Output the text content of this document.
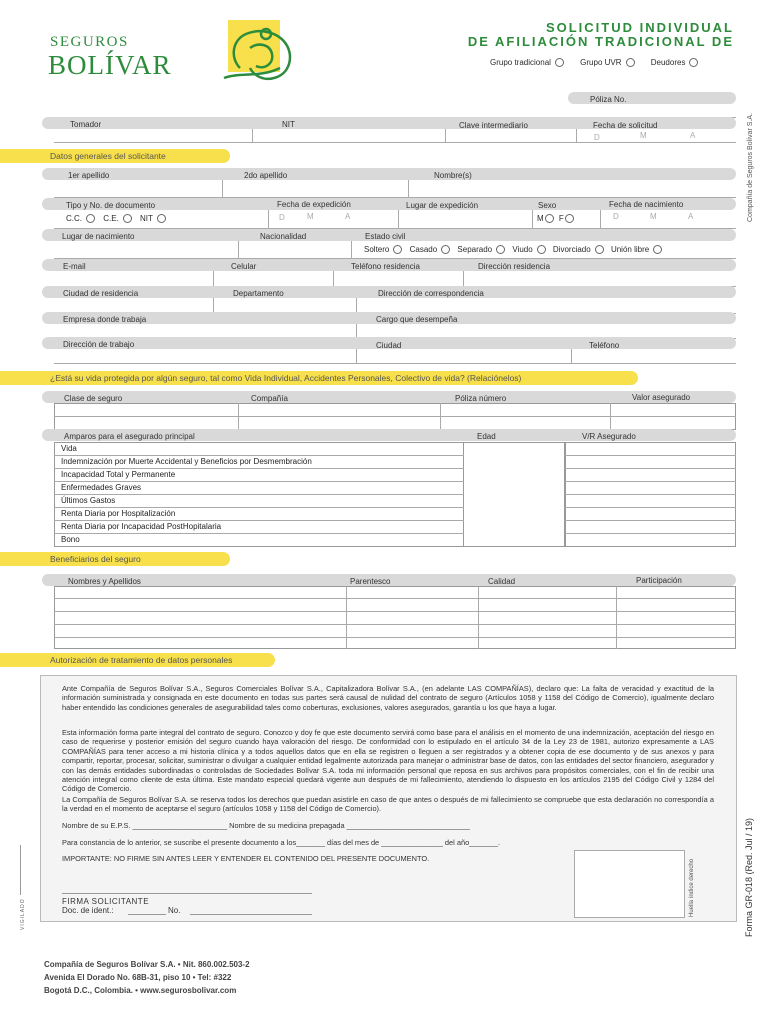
SEGUROS
BOLÍVAR
SOLICITUD INDIVIDUAL
DE AFILIACIÓN TRADICIONAL DE
Grupo tradicional	Grupo UVR	Deudores
Póliza No.
Compañía de Seguros Bolívar S.A.
Tomador	NIT	Clave intermediario	Fecha de solicitud
D	M	A
Datos generales del solicitante
1er apellido	2do apellido	Nombre(s)
Tipo y No. de documento	Fecha de expedición	Lugar de expedición	Sexo	Fecha de nacimiento
C.C.	C.E.	NIT	D	M	A	M F	D	M	A
Lugar de nacimiento	Nacionalidad	Estado civil
Soltero	Casado	Separado	Viudo	Divorciado	Unión libre
E-mail	Celular	Teléfono residencia	Dirección residencia
Ciudad de residencia	Departamento	Dirección de correspondencia
Empresa donde trabaja	Cargo que desempeña
Dirección de trabajo	Ciudad	Teléfono
¿Está su vida protegida por algún seguro, tal como Vida Individual, Accidentes Personales, Colectivo de vida? (Relaciónelos)
Clase de seguro	Compañía	Póliza número	Valor asegurado
Amparos para el asegurado principal	Edad	V/R Asegurado
Vida
Indemnización por Muerte Accidental y Beneficios por Desmembración
Incapacidad Total y Permanente
Enfermedades Graves
Últimos Gastos
Renta Diaria por Hospitalización
Renta Diaria por Incapacidad PostHopitalaria
Bono
Beneficiarios del seguro
Nombres y Apellidos	Parentesco	Calidad	Participación
Autorización de tratamiento de datos personales
Ante Compañía de Seguros Bolívar S.A., Seguros Comerciales Bolívar S.A., Capitalizadora Bolívar S.A., (en adelante LAS COMPAÑÍAS), declaro que: La falta de veracidad y exactitud de la información suministrada y consignada en este documento en todas sus partes será causal de nulidad del contrato de seguro (Artículos 1058 y 1158 del Código de Comercio), igualmente declaro haber entendido las condiciones generales de asegurabilidad tales como coberturas, exclusiones, valores asegurados, garantía u los que haya a lugar.
Esta información forma parte integral del contrato de seguro. Conozco y doy fe que este documento servirá como base para el análisis en el momento de una indemnización, aceptación del riesgo en caso de requerirse y posterior emisión del seguro cuando haya valoración del riesgo. De conformidad con lo estipulado en el artículo 34 de la Ley 23 de 1981, autorizo expresamente a LAS COMPAÑÍAS para tener acceso a mi historia clínica y a todos aquellos datos que en ella se registren o lleguen a ser registrados y a obtener copia de ese documento y de sus anexos y para compartir, reportar, procesar, solicitar, suministrar o divulgar a cualquier entidad legalmente autorizada para manejar o administrar base de datos, con las entidades del sector financiero, asegurador y con las demás entidades subordinadas o controladas de Sociedades Bolívar S.A. toda mi información personal que reposa en sus archivos para propósitos comerciales, con el fin de recibir una atención integral como cliente de esta última. Este mandato especial quedará vigente aun después de mi fallecimiento, atendiendo lo dispuesto en los artículos 2195 del Código Civil y 1284 del Código de Comercio.
La Compañía de Seguros Bolívar S.A. se reserva todos los derechos que puedan asistirle en caso de que antes o después de mi fallecimiento se compruebe que esta declaración no correspondía a la verdad en el momento de aceptarse el seguro (artículos 1058 y 1158 del Código de Comercio).
Nombre de su E.P.S. _______________________ Nombre de su medicina prepagada ______________________________
Para constancia de lo anterior, se suscribe el presente documento a los_______ días del mes de _______________ del año_______.
IMPORTANTE: NO FIRME SIN ANTES LEER Y ENTENDER EL CONTENIDO DEL PRESENTE DOCUMENTO.
FIRMA SOLICITANTE
Doc. de ident.:	No.	Huella índice derecho	Forma GR-018 (Red. Jul / 19)
VIGILADO
Compañía de Seguros Bolívar S.A. • Nit. 860.002.503-2
Avenida El Dorado No. 68B-31, piso 10 • Tel: #322
Bogotá D.C., Colombia. • www.segurosbolivar.com
